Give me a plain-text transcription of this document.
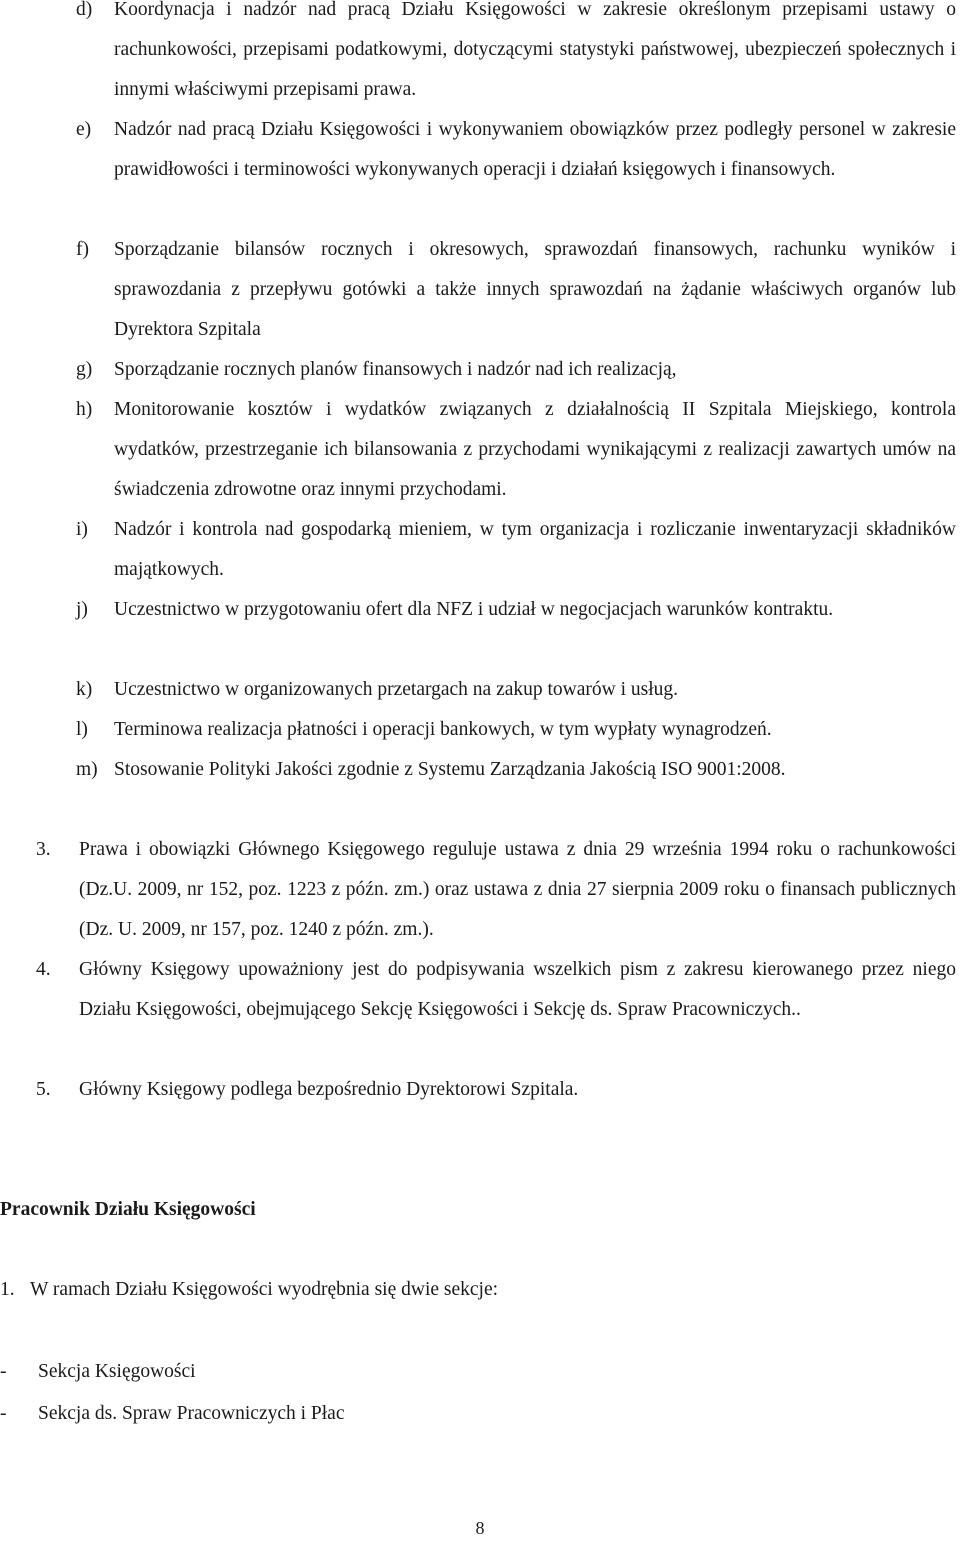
d) Koordynacja i nadzór nad pracą Działu Księgowości w zakresie określonym przepisami ustawy o rachunkowości, przepisami podatkowymi, dotyczącymi statystyki państwowej, ubezpieczeń społecznych i innymi właściwymi przepisami prawa.
e) Nadzór nad pracą Działu Księgowości i wykonywaniem obowiązków przez podległy personel w zakresie prawidłowości i terminowości wykonywanych operacji i działań księgowych i finansowych.
f) Sporządzanie bilansów rocznych i okresowych, sprawozdań finansowych, rachunku wyników i sprawozdania z przepływu gotówki a także innych sprawozdań na żądanie właściwych organów lub Dyrektora Szpitala
g) Sporządzanie rocznych planów finansowych i nadzór nad ich realizacją,
h) Monitorowanie kosztów i wydatków związanych z działalnością II Szpitala Miejskiego, kontrola wydatków, przestrzeganie ich bilansowania z przychodami wynikającymi z realizacji zawartych umów na świadczenia zdrowotne oraz innymi przychodami.
i) Nadzór i kontrola nad gospodarką mieniem, w tym organizacja i rozliczanie inwentaryzacji składników majątkowych.
j) Uczestnictwo w przygotowaniu ofert dla NFZ i udział w negocjacjach warunków kontraktu.
k) Uczestnictwo w organizowanych przetargach na zakup towarów i usług.
l) Terminowa realizacja płatności i operacji bankowych, w tym wypłaty wynagrodzeń.
m) Stosowanie Polityki Jakości zgodnie z Systemu Zarządzania Jakością ISO 9001:2008.
3. Prawa i obowiązki Głównego Księgowego reguluje ustawa z dnia 29 września 1994 roku o rachunkowości (Dz.U. 2009, nr 152, poz. 1223 z późn. zm.) oraz ustawa z dnia 27 sierpnia 2009 roku o finansach publicznych (Dz. U. 2009, nr 157, poz. 1240 z późn. zm.).
4. Główny Księgowy upoważniony jest do podpisywania wszelkich pism z zakresu kierowanego przez niego Działu Księgowości, obejmującego Sekcję Księgowości i Sekcję ds. Spraw Pracowniczych..
5. Główny Księgowy podlega bezpośrednio Dyrektorowi Szpitala.
Pracownik Działu Księgowości
1. W ramach Działu Księgowości wyodrębnia się dwie sekcje:
- Sekcja Księgowości
- Sekcja ds. Spraw Pracowniczych i Płac
8
